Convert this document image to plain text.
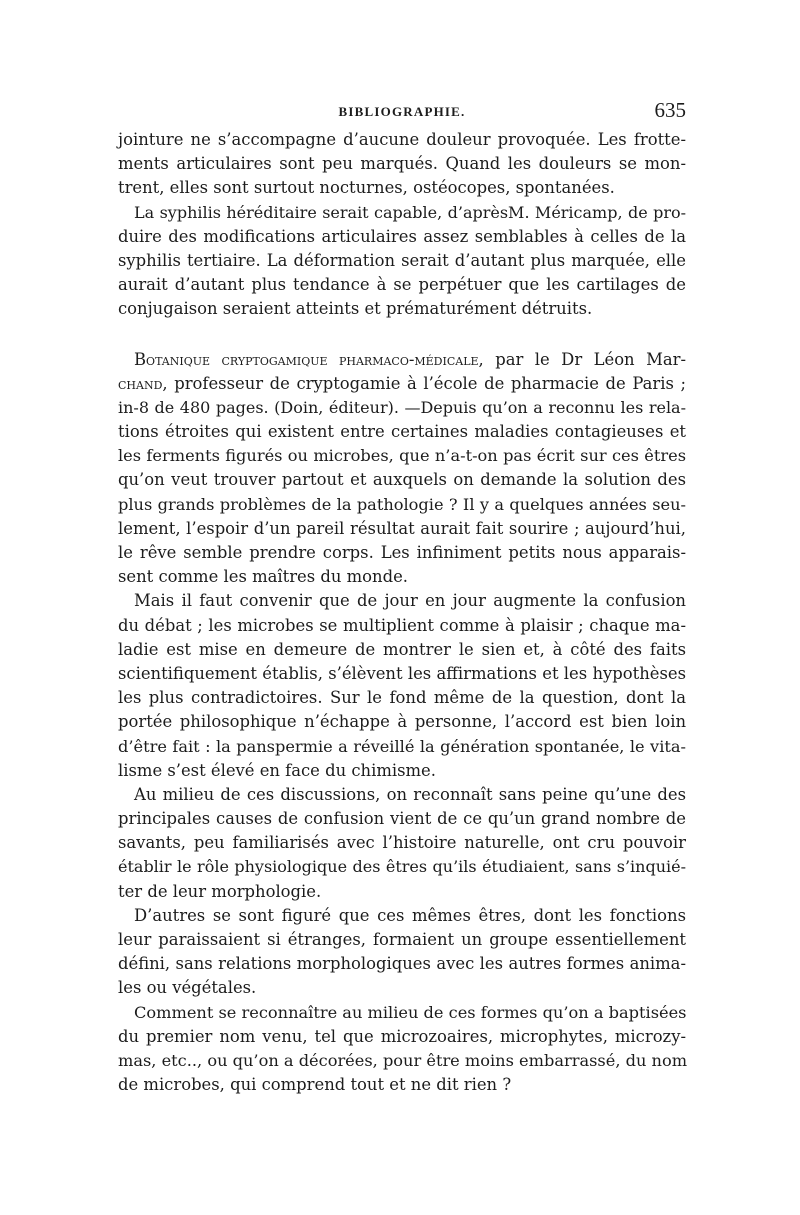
BIBLIOGRAPHIE.	635
jointure ne s’accompagne d’aucune douleur provoquée. Les frotte-
ments articulaires sont peu marqués. Quand les douleurs se mon-
trent, elles sont surtout nocturnes, ostéocopes, spontanées.
La syphilis héréditaire serait capable, d’aprèsM. Méricamp, de pro-
duire des modifications articulaires assez semblables à celles de la
syphilis tertiaire. La déformation serait d’autant plus marquée, elle
aurait d’autant plus tendance à se perpétuer que les cartilages de
conjugaison seraient atteints et prématurément détruits.
Botanique cryptogamique pharmaco-médicale, par le Dr Léon Mar-
chand, professeur de cryptogamie à l’école de pharmacie de Paris ;
in-8 de 480 pages. (Doin, éditeur). —Depuis qu’on a reconnu les rela-
tions étroites qui existent entre certaines maladies contagieuses et
les ferments figurés ou microbes, que n’a-t-on pas écrit sur ces êtres
qu’on veut trouver partout et auxquels on demande la solution des
plus grands problèmes de la pathologie ? Il y a quelques années seu-
lement, l’espoir d’un pareil résultat aurait fait sourire ; aujourd’hui,
le rêve semble prendre corps. Les infiniment petits nous apparais-
sent comme les maîtres du monde.
Mais il faut convenir que de jour en jour augmente la confusion
du débat ; les microbes se multiplient comme à plaisir ; chaque ma-
ladie est mise en demeure de montrer le sien et, à côté des faits
scientifiquement établis, s’élèvent les affirmations et les hypothèses
les plus contradictoires. Sur le fond même de la question, dont la
portée philosophique n’échappe à personne, l’accord est bien loin
d’être fait : la panspermie a réveillé la génération spontanée, le vita-
lisme s’est élevé en face du chimisme.
Au milieu de ces discussions, on reconnaît sans peine qu’une des
principales causes de confusion vient de ce qu’un grand nombre de
savants, peu familiarisés avec l’histoire naturelle, ont cru pouvoir
établir le rôle physiologique des êtres qu’ils étudiaient, sans s’inquié-
ter de leur morphologie.
D’autres se sont figuré que ces mêmes êtres, dont les fonctions
leur paraissaient si étranges, formaient un groupe essentiellement
défini, sans relations morphologiques avec les autres formes anima-
les ou végétales.
Comment se reconnaître au milieu de ces formes qu’on a baptisées
du premier nom venu, tel que microzoaires, microphytes, microzy-
mas, etc.., ou qu’on a décorées, pour être moins embarrassé, du nom
de microbes, qui comprend tout et ne dit rien ?
